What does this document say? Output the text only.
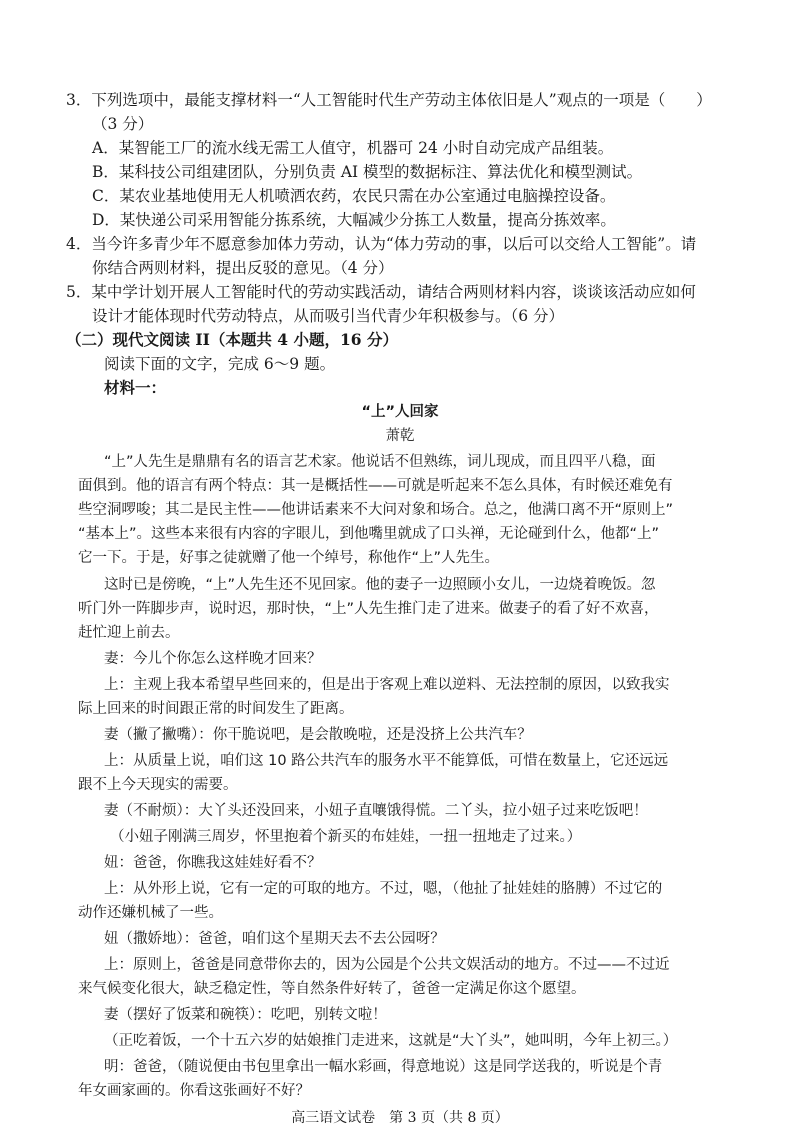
3．下列选项中，最能支撑材料一“人工智能时代生产劳动主体依旧是人”观点的一项是（　　）
（3 分）
A．某智能工厂的流水线无需工人值守，机器可 24 小时自动完成产品组装。
B．某科技公司组建团队，分别负责 AI 模型的数据标注、算法优化和模型测试。
C．某农业基地使用无人机喷洒农药，农民只需在办公室通过电脑操控设备。
D．某快递公司采用智能分拣系统，大幅减少分拣工人数量，提高分拣效率。
4．当今许多青少年不愿意参加体力劳动，认为“体力劳动的事，以后可以交给人工智能”。请
你结合两则材料，提出反驳的意见。（4 分）
5．某中学计划开展人工智能时代的劳动实践活动，请结合两则材料内容，谈谈该活动应如何
设计才能体现时代劳动特点，从而吸引当代青少年积极参与。（6 分）
（二）现代文阅读 II（本题共 4 小题，16 分）
阅读下面的文字，完成 6～9 题。
材料一：
“上”人回家
萧乾
“上”人先生是鼎鼎有名的语言艺术家。他说话不但熟练，词儿现成，而且四平八稳，面
面俱到。他的语言有两个特点：其一是概括性——可就是听起来不怎么具体，有时候还难免有
些空洞啰唆；其二是民主性——他讲话素来不大问对象和场合。总之，他满口离不开“原则上”
“基本上”。这些本来很有内容的字眼儿，到他嘴里就成了口头禅，无论碰到什么，他都“上”
它一下。于是，好事之徒就赠了他一个绰号，称他作“上”人先生。
这时已是傍晚，“上”人先生还不见回家。他的妻子一边照顾小女儿，一边烧着晚饭。忽
听门外一阵脚步声，说时迟，那时快，“上”人先生推门走了进来。做妻子的看了好不欢喜，
赶忙迎上前去。
妻：今儿个你怎么这样晚才回来？
上：主观上我本希望早些回来的，但是出于客观上难以逆料、无法控制的原因，以致我实
际上回来的时间跟正常的时间发生了距离。
妻（撇了撇嘴）：你干脆说吧，是会散晚啦，还是没挤上公共汽车？
上：从质量上说，咱们这 10 路公共汽车的服务水平不能算低，可惜在数量上，它还远远
跟不上今天现实的需要。
妻（不耐烦）：大丫头还没回来，小妞子直嚷饿得慌。二丫头，拉小妞子过来吃饭吧！
（小妞子刚满三周岁，怀里抱着个新买的布娃娃，一扭一扭地走了过来。）
妞：爸爸，你瞧我这娃娃好看不？
上：从外形上说，它有一定的可取的地方。不过，嗯，（他扯了扯娃娃的胳膊）不过它的
动作还嫌机械了一些。
妞（撒娇地）：爸爸，咱们这个星期天去不去公园呀？
上：原则上，爸爸是同意带你去的，因为公园是个公共文娱活动的地方。不过——不过近
来气候变化很大，缺乏稳定性，等自然条件好转了，爸爸一定满足你这个愿望。
妻（摆好了饭菜和碗筷）：吃吧，别转文啦！
（正吃着饭，一个十五六岁的姑娘推门走进来，这就是“大丫头”，她叫明，今年上初三。）
明：爸爸，（随说便由书包里拿出一幅水彩画，得意地说）这是同学送我的，听说是个青
年女画家画的。你看这张画好不好？
高三语文试卷　第 3 页（共 8 页）
